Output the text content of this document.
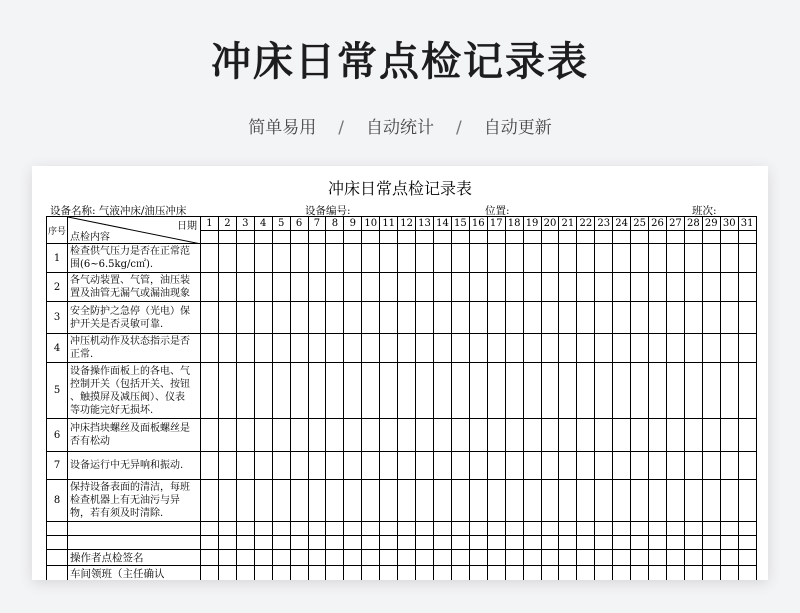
冲床日常点检记录表
简单易用 / 自动统计 / 自动更新
冲床日常点检记录表
设备名称: 气液冲床/油压冲床	设备编号:	位置:	班次:
序号	日期
点检内容	1	2	3	4	5	6	7	8	9	10	11	12	13	14	15	16	17	18	19	20	21	22	23	24	25	26	27	28	29	30	31

1	检查供气压力是否在正常范
围(6~6.5kg/c㎡).																															

2	各气动装置、气管，油压装
置及油管无漏气或漏油现象																															

3	安全防护之急停（光电）保
护开关是否灵敏可靠.																															

4	冲压机动作及状态指示是否
正常.																															

5	设备操作面板上的各电、气
控制开关（包括开关、按钮
、触摸屏及减压阀）、仪表
等功能完好无损坏.																															

6	冲床挡块螺丝及面板螺丝是
否有松动																															

7	设备运行中无异响和振动.																															

8	保持设备表面的清洁，每班
检查机器上有无油污与异
物，若有须及时清除.																															

	操作者点检签名																															
	车间领班（主任确认																															
